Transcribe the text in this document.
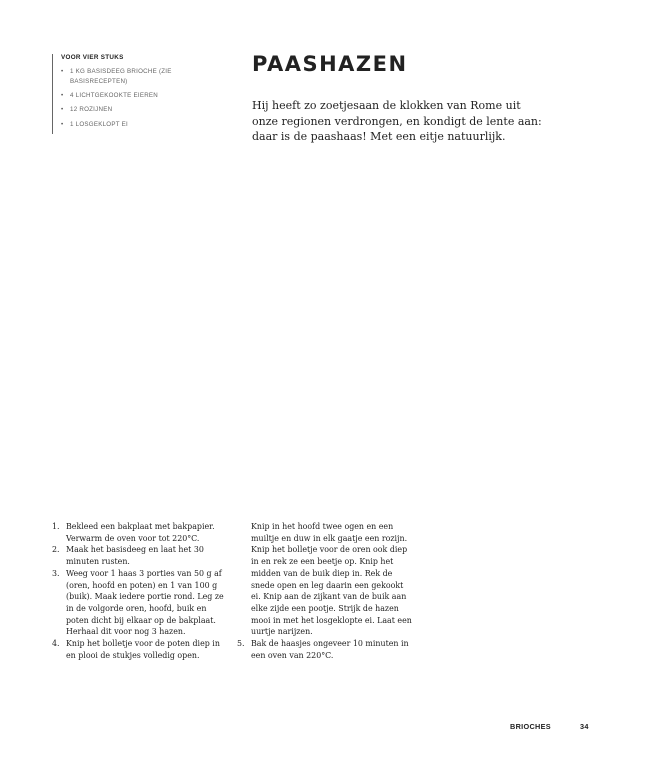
VOOR VIER STUKS
• 1 KG BASISDEEG BRIOCHE (ZIE BASISRECEPTEN)
• 4 LICHTGEKOOKTE EIEREN
• 12 ROZIJNEN
• 1 LOSGEKLOPT EI
PAASHAZEN

Hij heeft zo zoetjesaan de klokken van Rome uit onze regionen verdrongen, en kondigt de lente aan: daar is de paashaas! Met een eitje natuurlijk.

1. Bekleed een bakplaat met bakpapier. Verwarm de oven voor tot 220°C.
2. Maak het basisdeeg en laat het 30 minuten rusten.
3. Weeg voor 1 haas 3 porties van 50 g af (oren, hoofd en poten) en 1 van 100 g (buik). Maak iedere portie rond. Leg ze in de volgorde oren, hoofd, buik en poten dicht bij elkaar op de bakplaat. Herhaal dit voor nog 3 hazen.
4. Knip het bolletje voor de poten diep in en plooi de stukjes volledig open.
Knip in het hoofd twee ogen en een muiltje en duw in elk gaatje een rozijn. Knip het bolletje voor de oren ook diep in en rek ze een beetje op. Knip het midden van de buik diep in. Rek de snede open en leg daarin een gekookt ei. Knip aan de zijkant van de buik aan elke zijde een pootje. Strijk de hazen mooi in met het losgeklopte ei. Laat een uurtje narijzen.
5. Bak de haasjes ongeveer 10 minuten in een oven van 220°C.
BRIOCHES	34
